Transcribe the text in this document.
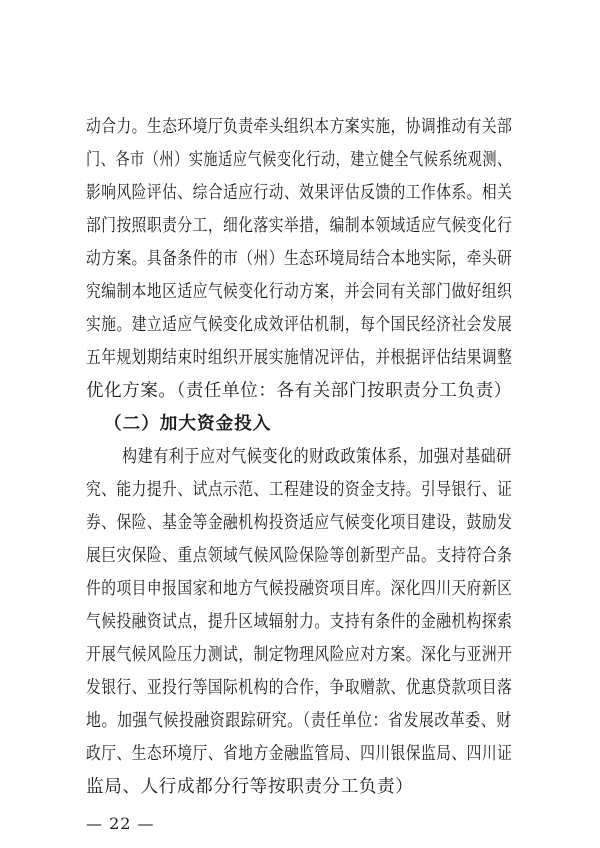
动合力。生态环境厅负责牵头组织本方案实施，协调推动有关部
门、各市（州）实施适应气候变化行动，建立健全气候系统观测、
影响风险评估、综合适应行动、效果评估反馈的工作体系。相关
部门按照职责分工，细化落实举措，编制本领域适应气候变化行
动方案。具备条件的市（州）生态环境局结合本地实际，牵头研
究编制本地区适应气候变化行动方案，并会同有关部门做好组织
实施。建立适应气候变化成效评估机制，每个国民经济社会发展
五年规划期结束时组织开展实施情况评估，并根据评估结果调整
优化方案。（责任单位：各有关部门按职责分工负责）
（二）加大资金投入
构建有利于应对气候变化的财政政策体系，加强对基础研
究、能力提升、试点示范、工程建设的资金支持。引导银行、证
券、保险、基金等金融机构投资适应气候变化项目建设，鼓励发
展巨灾保险、重点领域气候风险保险等创新型产品。支持符合条
件的项目申报国家和地方气候投融资项目库。深化四川天府新区
气候投融资试点，提升区域辐射力。支持有条件的金融机构探索
开展气候风险压力测试，制定物理风险应对方案。深化与亚洲开
发银行、亚投行等国际机构的合作，争取赠款、优惠贷款项目落
地。加强气候投融资跟踪研究。（责任单位：省发展改革委、财
政厅、生态环境厅、省地方金融监管局、四川银保监局、四川证
监局、人行成都分行等按职责分工负责）
— 22 —
